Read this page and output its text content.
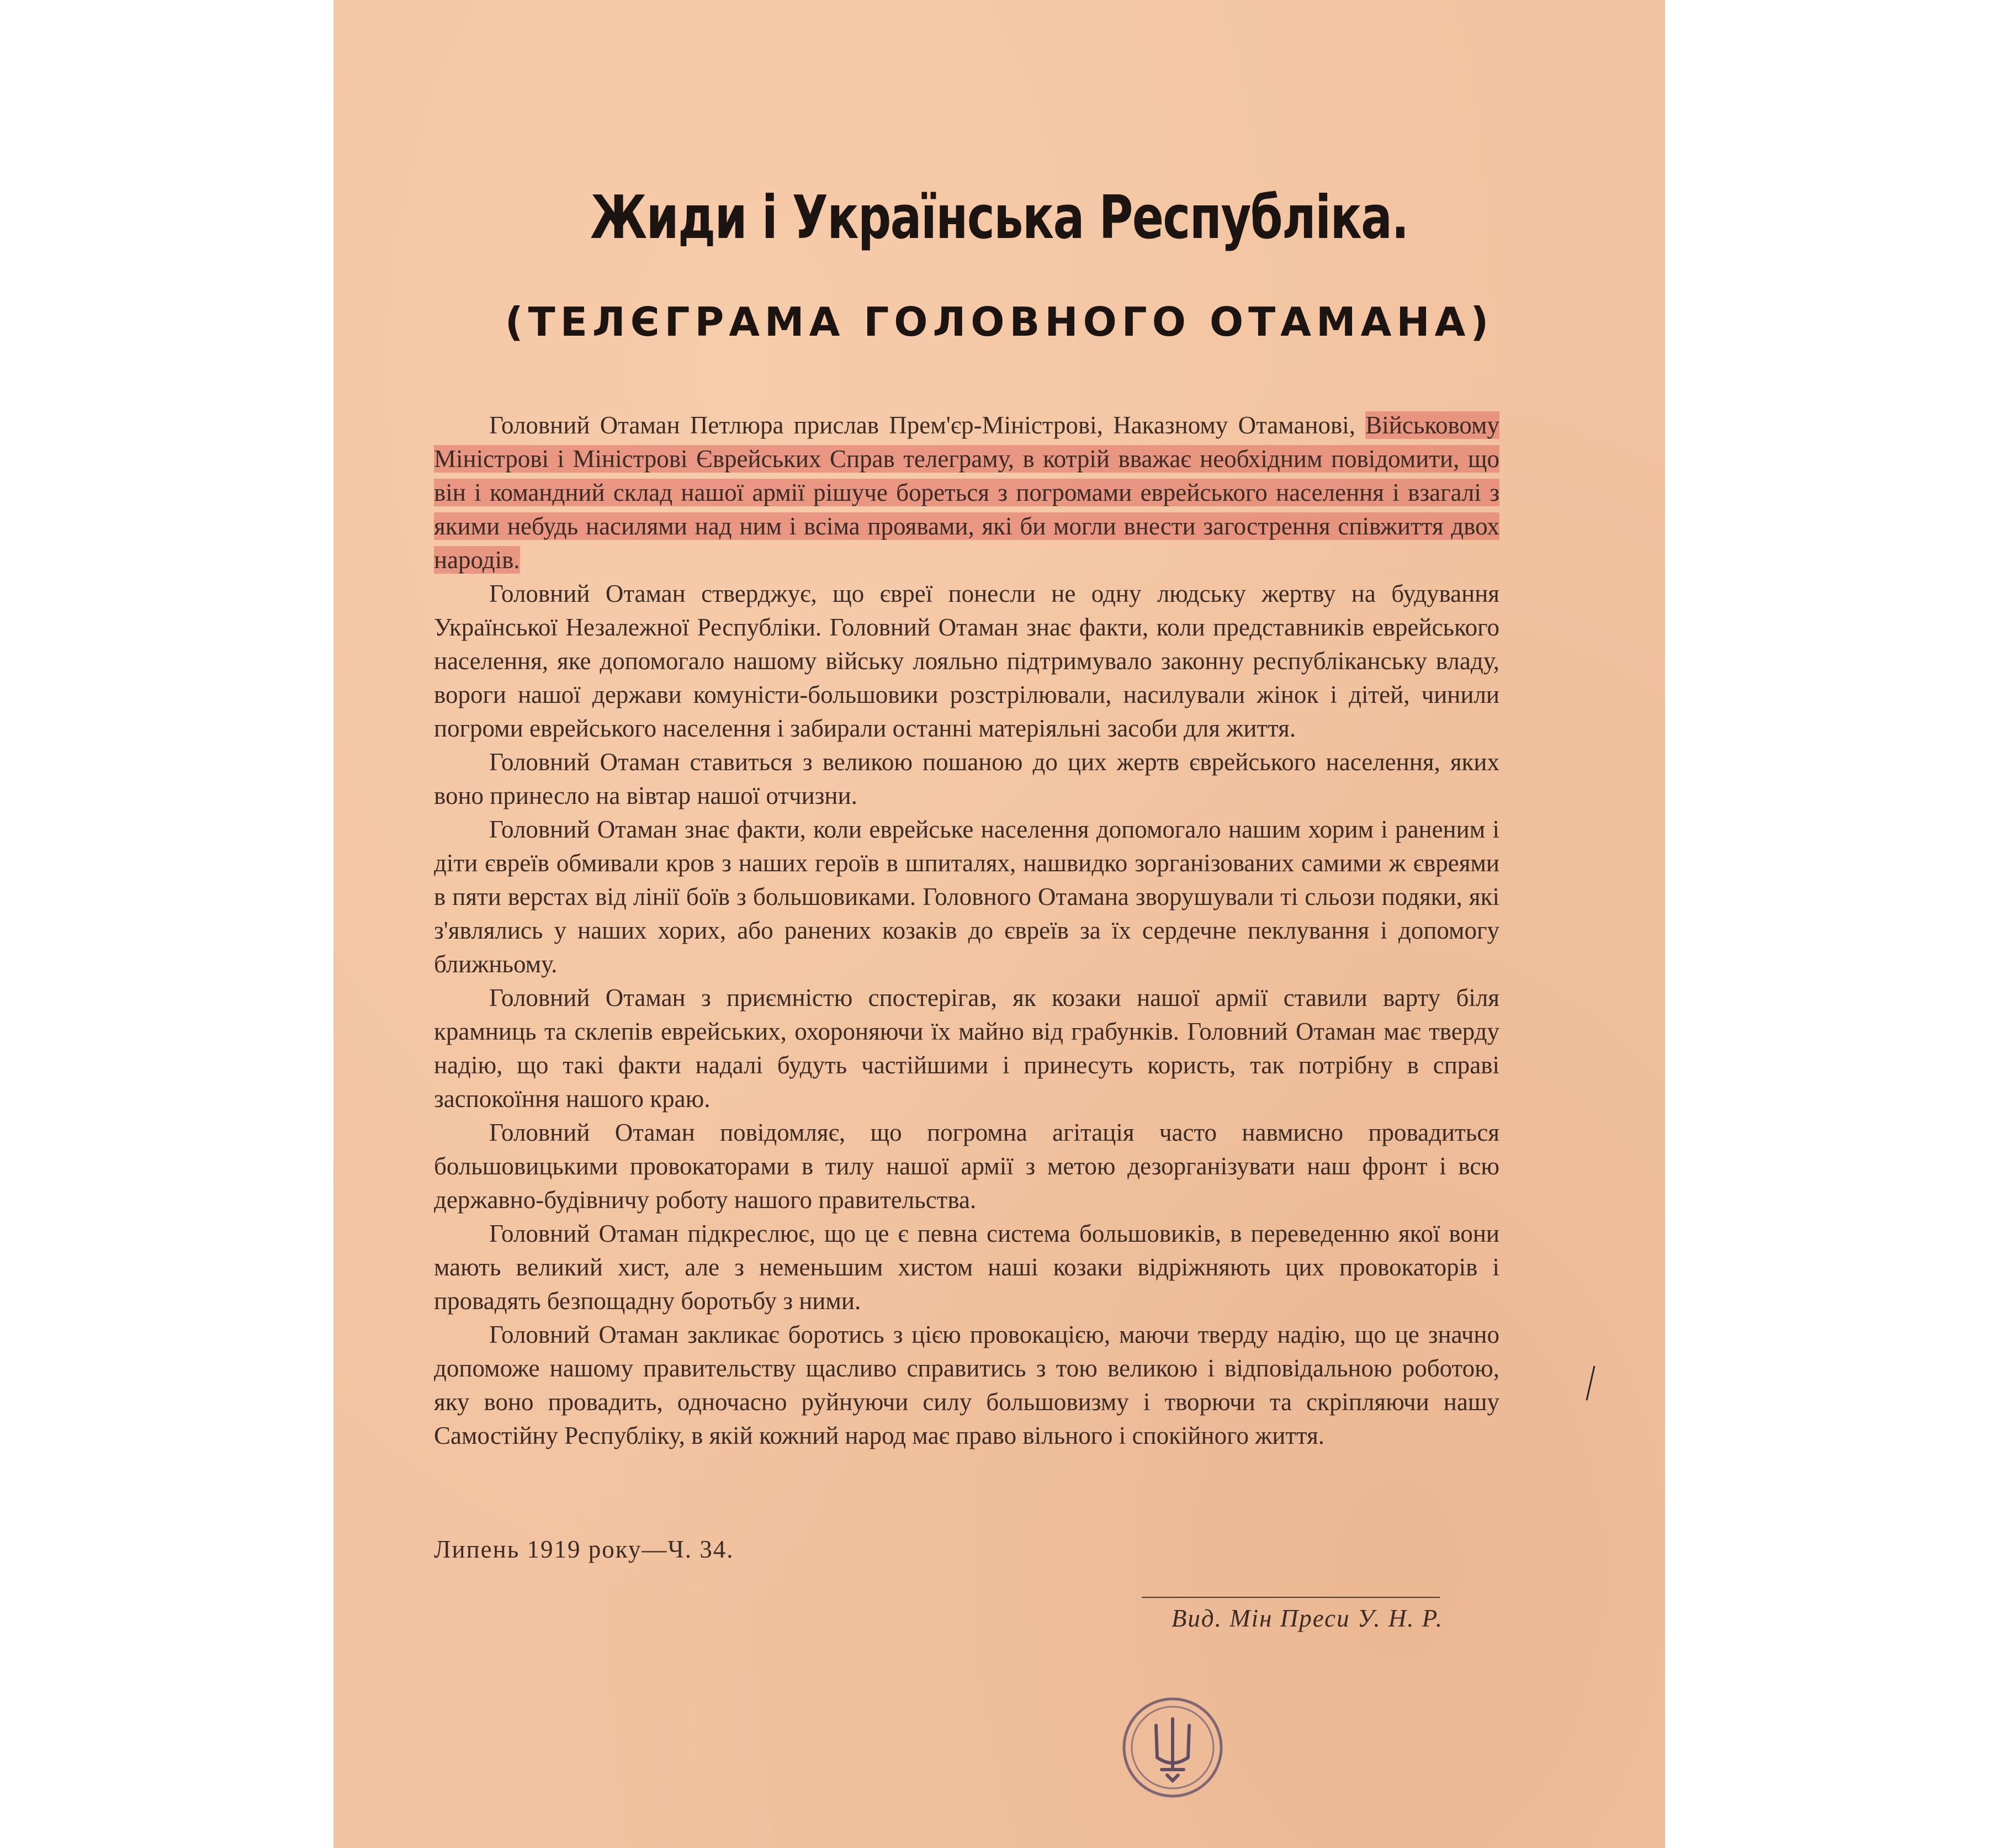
Жиди і Українська Республіка.
(ТЕЛЄГРАМА ГОЛОВНОГО ОТАМАНА)

Головний Отаман Петлюра прислав Прем'єр-Міністрові, Наказному Отаманові, Військовому Міністрові і Міністрові Єврейських Справ телеграму, в котрій вважає необхідним повідомити, що він і командний склад нашої армії рішуче бореться з погромами еврейського населення і взагалі з якими небудь насилями над ним і всіма проявами, які би могли внести загострення співжиття двох народів.

Головний Отаман стверджує, що євреї понесли не одну людську жертву на будування Української Незалежної Республіки. Головний Отаман знає факти, коли представників еврейського населення, яке допомогало нашому війську лояльно підтримувало законну республіканську владу, вороги нашої держави комуністи-большовики розстрілювали, насилували жінок і дітей, чинили погроми еврейського населення і забирали останні матеріяльні засоби для життя.

Головний Отаман ставиться з великою пошаною до цих жертв єврейського населення, яких воно принесло на вівтар нашої отчизни.

Головний Отаман знає факти, коли еврейське населення допомогало нашим хорим і раненим і діти євреїв обмивали кров з наших героїв в шпиталях, нашвидко зорганізованих самими ж євреями в пяти верстах від лінії боїв з большовиками. Головного Отамана зворушували ті сльози подяки, які з'являлись у наших хорих, або ранених козаків до євреїв за їх сердечне пеклування і допомогу ближньому.

Головний Отаман з приємністю спостерігав, як козаки нашої армії ставили варту біля крамниць та склепів еврейських, охороняючи їх майно від грабунків. Головний Отаман має тверду надію, що такі факти надалі будуть частійшими і принесуть користь, так потрібну в справі заспокоїння нашого краю.

Головний Отаман повідомляє, що погромна агітація часто навмисно провадиться большовицькими провокаторами в тилу нашої армії з метою дезорганізувати наш фронт і всю державно-будівничу роботу нашого правительства.

Головний Отаман підкреслює, що це є певна система большовиків, в переведенню якої вони мають великий хист, але з неменьшим хистом наші козаки відріжняють цих провокаторів і провадять безпощадну боротьбу з ними.

Головний Отаман закликає боротись з цією провокацією, маючи тверду надію, що це значно допоможе нашому правительству щасливо справитись з тою великою і відповідальною роботою, яку воно провадить, одночасно руйнуючи силу большовизму і творючи та скріпляючи нашу Самостійну Республіку, в якій кожний народ має право вільного і спокійного життя.

Липень 1919 року—Ч. 34.
Вид. Мін Преси У. Н. Р.
